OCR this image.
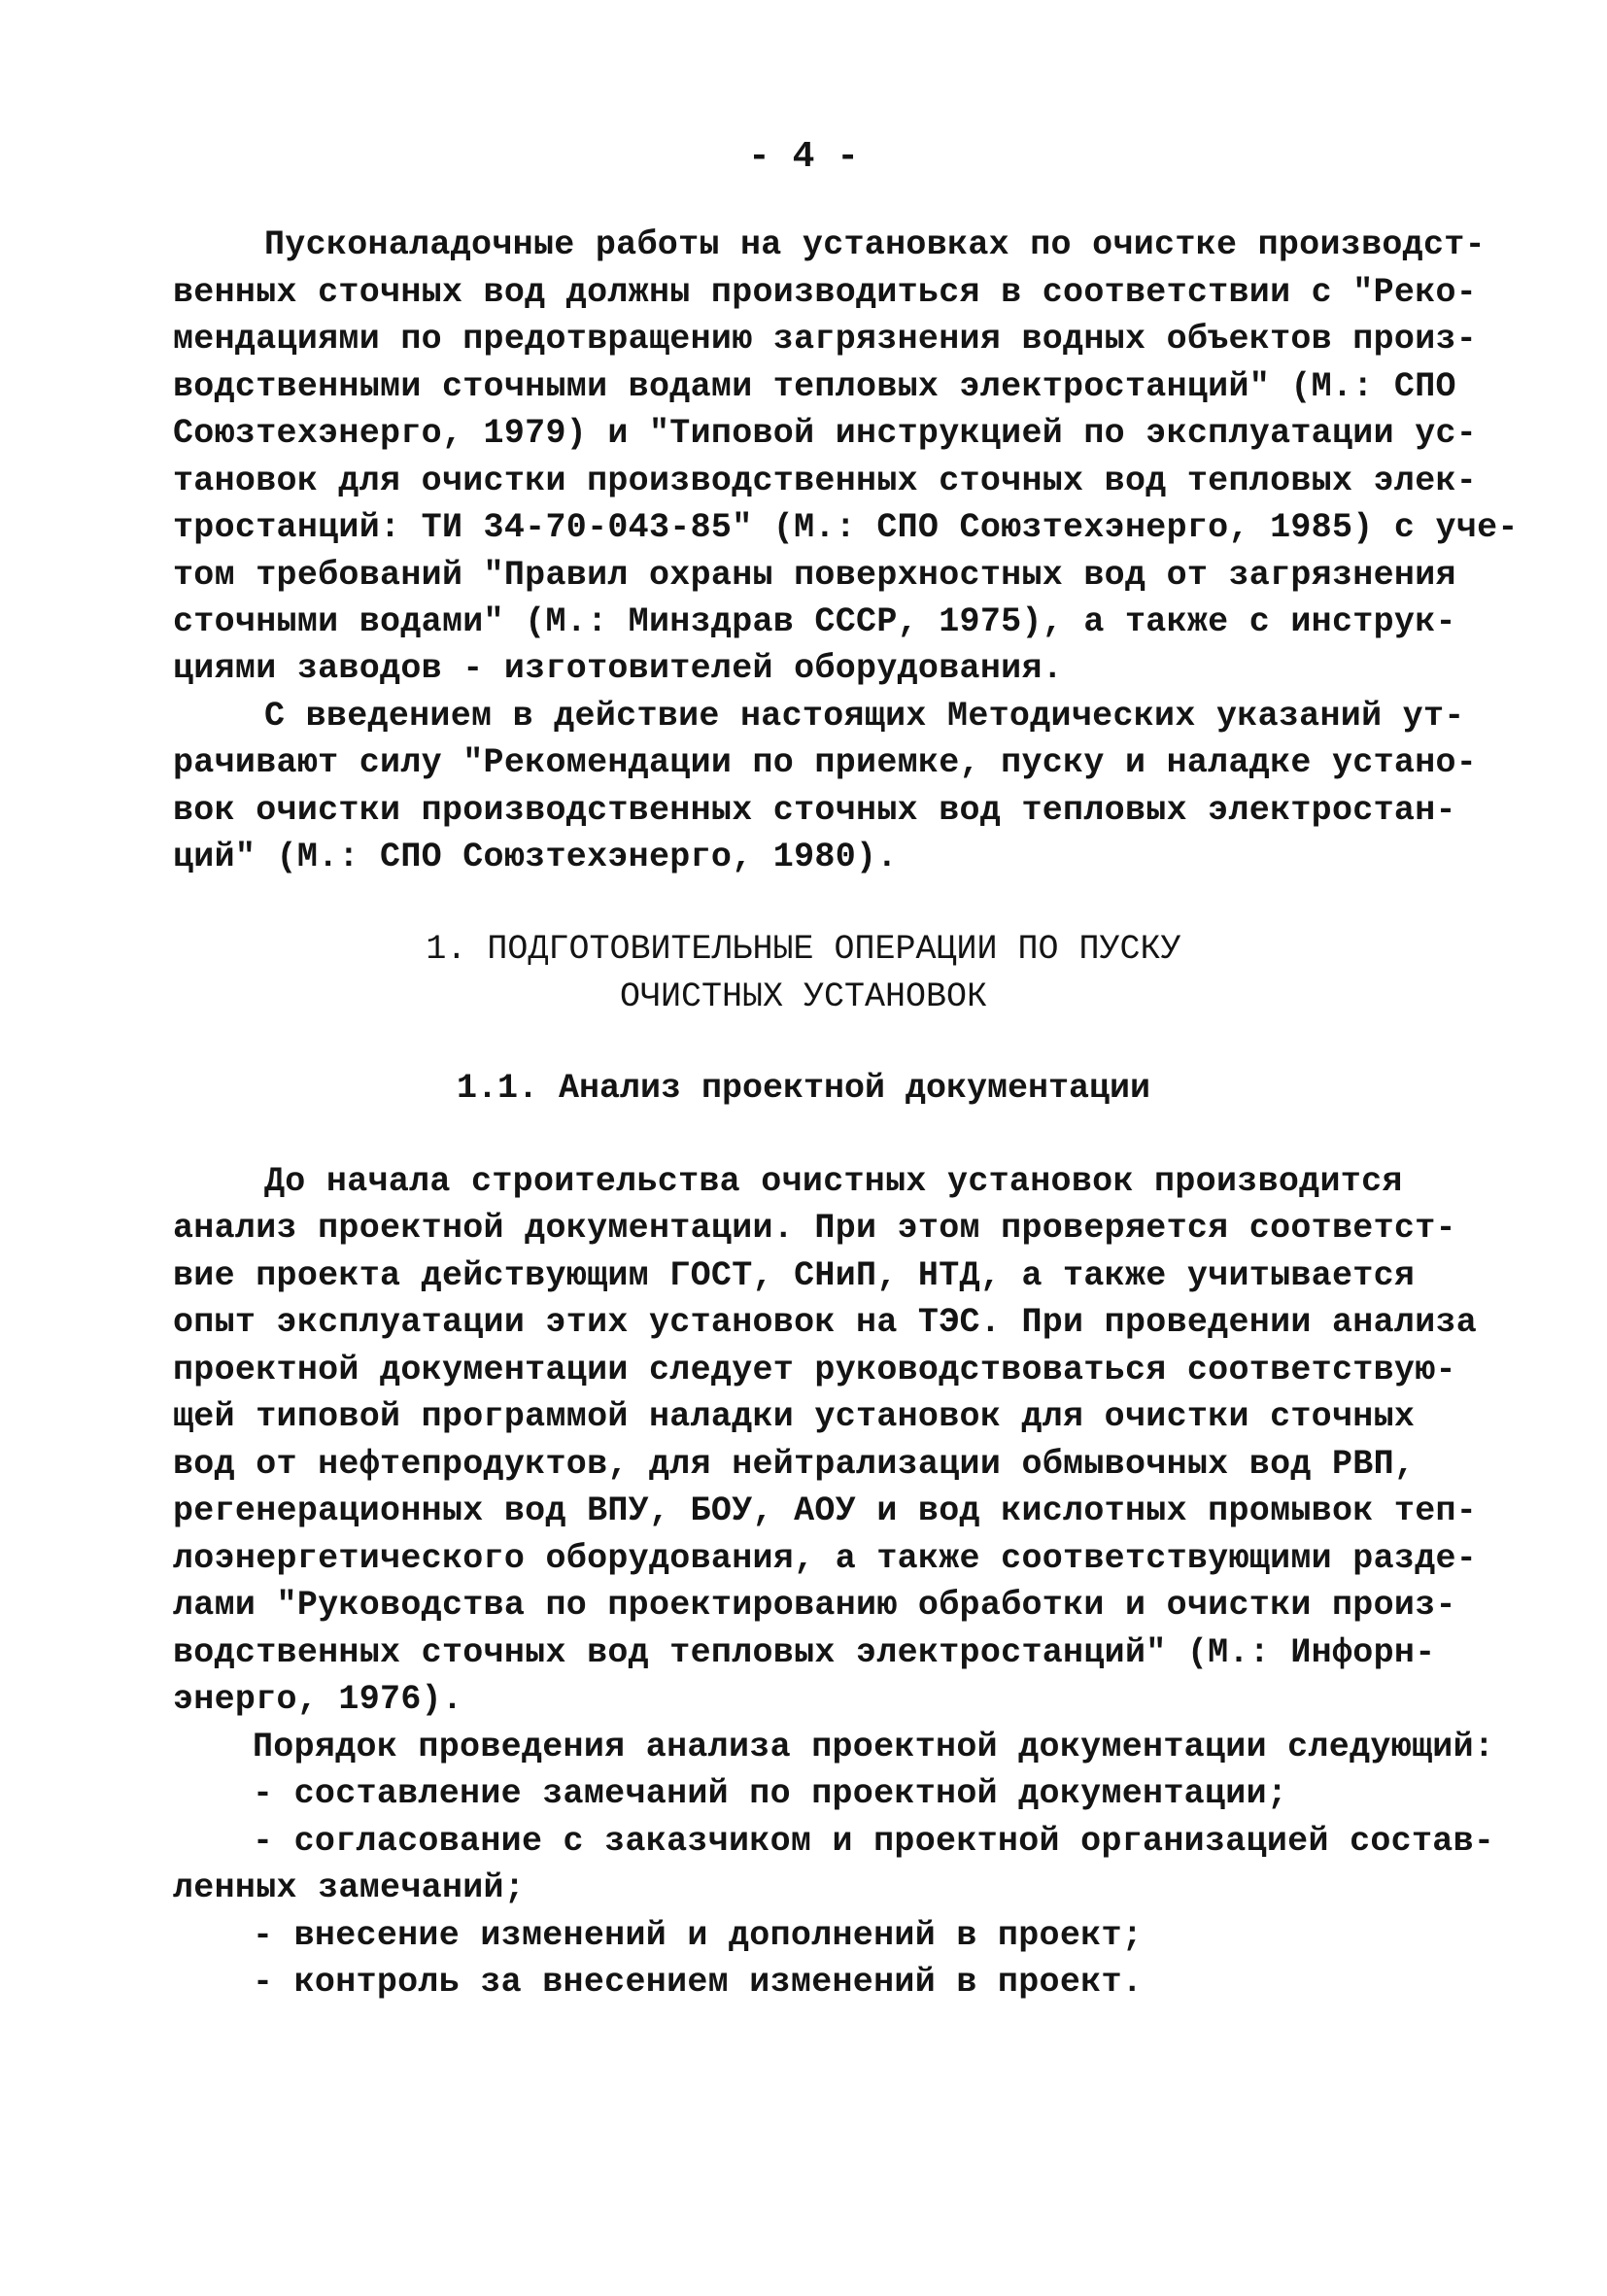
- 4 -
Пусконаладочные работы на установках по очистке производст-
венных сточных вод должны производиться в соответствии с "Реко-
мендациями по предотвращению загрязнения водных объектов произ-
водственными сточными водами тепловых электростанций" (М.: СПО
Союзтехэнерго, 1979) и "Типовой инструкцией по эксплуатации ус-
тановок для очистки производственных сточных вод тепловых элек-
тростанций: ТИ 34-70-043-85" (М.: СПО Союзтехэнерго, 1985) с уче-
том требований "Правил охраны поверхностных вод от загрязнения
сточными водами" (М.: Минздрав СССР, 1975), а также с инструк-
циями заводов - изготовителей оборудования.
С введением в действие настоящих Методических указаний ут-
рачивают силу "Рекомендации по приемке, пуску и наладке устано-
вок очистки производственных сточных вод тепловых электростан-
ций" (М.: СПО Союзтехэнерго, 1980).
1. ПОДГОТОВИТЕЛЬНЫЕ ОПЕРАЦИИ ПО ПУСКУ
ОЧИСТНЫХ УСТАНОВОК
1.1. Анализ проектной документации
До начала строительства очистных установок производится
анализ проектной документации. При этом проверяется соответст-
вие проекта действующим ГОСТ, СНиП, НТД, а также учитывается
опыт эксплуатации этих установок на ТЭС. При проведении анализа
проектной документации следует руководствоваться соответствую-
щей типовой программой наладки установок для очистки сточных
вод от нефтепродуктов, для нейтрализации обмывочных вод РВП,
регенерационных вод ВПУ, БОУ, АОУ и вод кислотных промывок теп-
лоэнергетического оборудования, а также соответствующими разде-
лами "Руководства по проектированию обработки и очистки произ-
водственных сточных вод тепловых электростанций" (М.: Инфорн-
энерго, 1976).
Порядок проведения анализа проектной документации следующий:
- составление замечаний по проектной документации;
- согласование с заказчиком и проектной организацией состав-
ленных замечаний;
- внесение изменений и дополнений в проект;
- контроль за внесением изменений в проект.
